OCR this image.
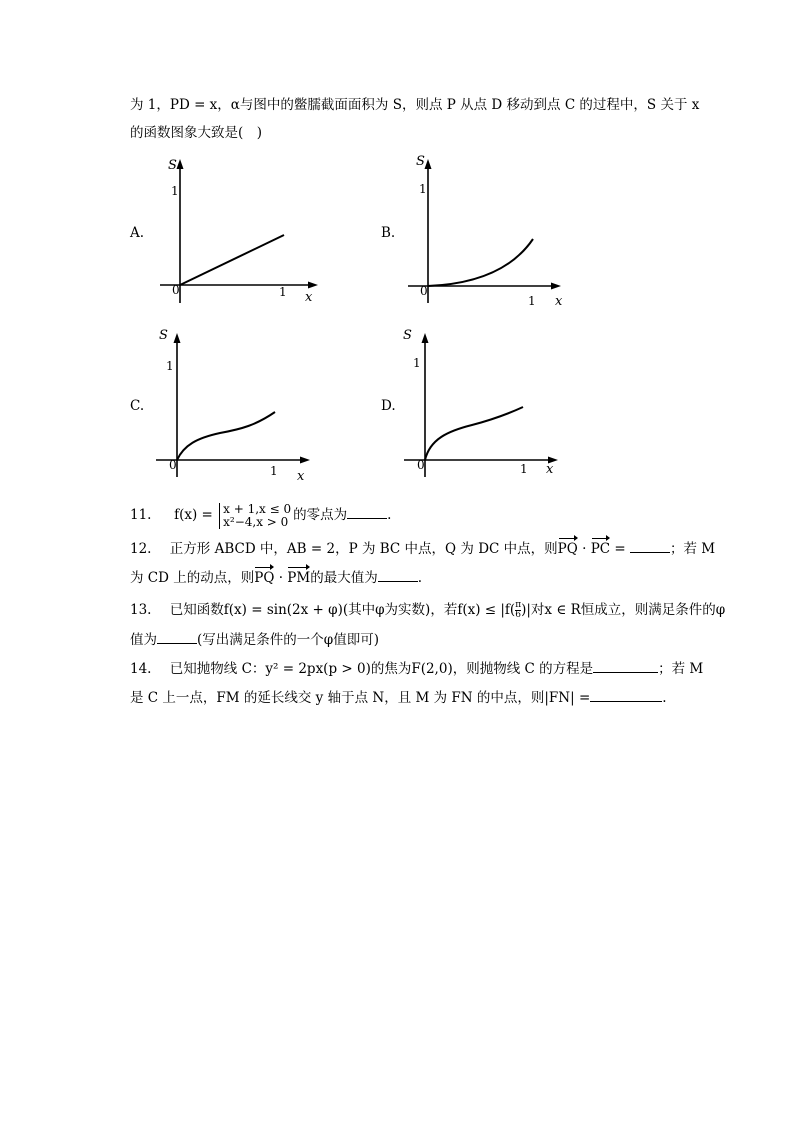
为 1，PD = x，α与图中的鳖臑截面面积为 S，则点 P 从点 D 移动到点 C 的过程中，S 关于 x
的函数图象大致是(　)
A.	B.
C.	D.
S
1
1 x
0
S
1
1 x
0
S
1
1 x
0
S
1
1 x
0
11. f(x) = x + 1,x ≤ 0
x²−4,x > 0 的零点为	.
12. 正方形 ABCD 中，AB = 2，P 为 BC 中点，Q 为 DC 中点，则PQ · PC =	；若 M
为 CD 上的动点，则PQ · PM的最大值为	.
13. 已知函数f(x) = sin(2x + φ)(其中φ为实数)，若$f(x) \le |f( \frac{\pi}{6}$ )|对x ∈ R恒成立，则满足条件的φ
值为	(写出满足条件的一个φ值即可)
14. 已知抛物线 C：y² = 2px(p > 0)的焦为F(2,0)，则抛物线 C 的方程是	；若 M
是 C 上一点，FM 的延长线交 y 轴于点 N，且 M 为 FN 的中点，则|FN| =	.
